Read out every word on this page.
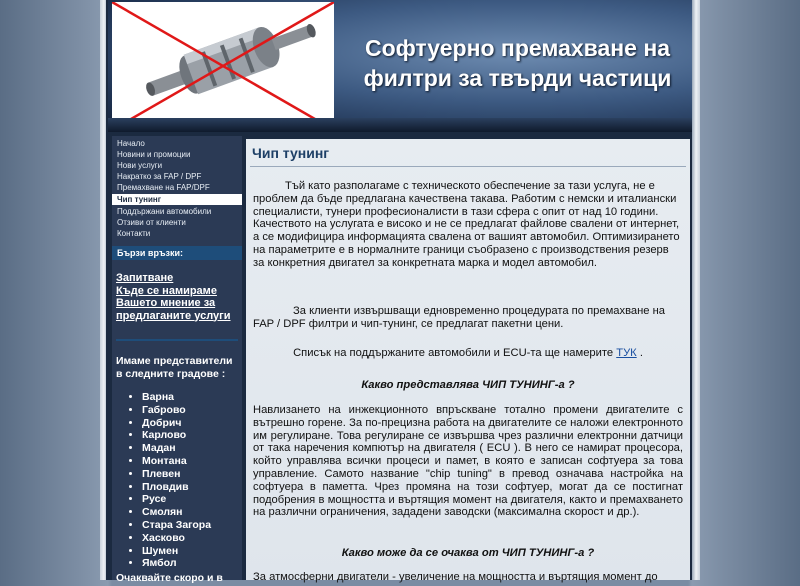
Софтуерно премахване на филтри за твърди частици
Начало
Новини и промоции
Нови услуги
Накратко за FAP / DPF
Премахване на FAP/DPF
Чип тунинг
Поддържани автомобили
Отзиви от клиенти
Контакти
Бързи връзки:
Запитване
Къде се намираме
Вашето мнение за предлаганите услуги
Имаме представители в следните градове :
• Варна
• Габрово
• Добрич
• Карлово
• Мадан
• Монтана
• Плевен
• Пловдив
• Русе
• Смолян
• Стара Загора
• Хасково
• Шумен
• Ямбол
Очаквайте скоро и в
Чип тунинг
Тъй като разполагаме с техническото обеспечение за тази услуга, не е проблем да бъде предлагана качествена такава. Работим с немски и италиански специалисти, тунери професионалисти в тази сфера с опит от над 10 години. Качеството на услугата е високо и не се предлагат файлове свалени от интернет, а се модифицира информацията свалена от вашият автомобил. Оптимизирането на параметрите е в нормалните граници съобразено с производствения резерв за конкретния двигател за конкретната марка и модел автомобил.
За клиенти извършващи едновременно процедурата по премахване на FAP / DPF филтри и чип-тунинг, се предлагат пакетни цени.
Списък на поддържаните автомобили и ECU-та ще намерите ТУК .
Какво представлява ЧИП ТУНИНГ-а ?
Навлизането на инжекционното впръскване тотално промени двигателите с вътрешно горене. За по-прецизна работа на двигателите се наложи електронното им регулиране. Това регулиране се извършва чрез различни електронни датчици от така наречения компютър на двигателя ( ECU ). В него се намират процесора, който управлява всички процеси и памет, в която е записан софтуера за това управление. Самото название "chip tuning" в превод означава настройка на софтуера в паметта. Чрез промяна на този софтуер, могат да се постигнат подобрения в мощността и въртящия момент на двигателя, както и премахването на различни ограничения, зададени заводски (максимална скорост и др.).
Какво може да се очаква от ЧИП ТУНИНГ-а ?
За атмосферни двигатели - увеличение на мощността и въртящия момент до
